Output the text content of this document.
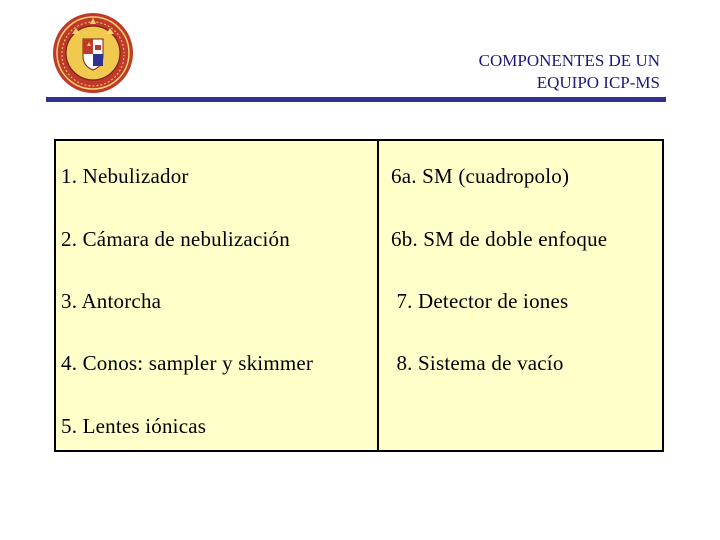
COMPONENTES DE UN
EQUIPO ICP-MS
1. Nebulizador
2. Cámara de nebulización
3. Antorcha
4. Conos: sampler y skimmer
5. Lentes iónicas
6a. SM (cuadropolo)
6b. SM de doble enfoque
7. Detector de iones
8. Sistema de vacío
